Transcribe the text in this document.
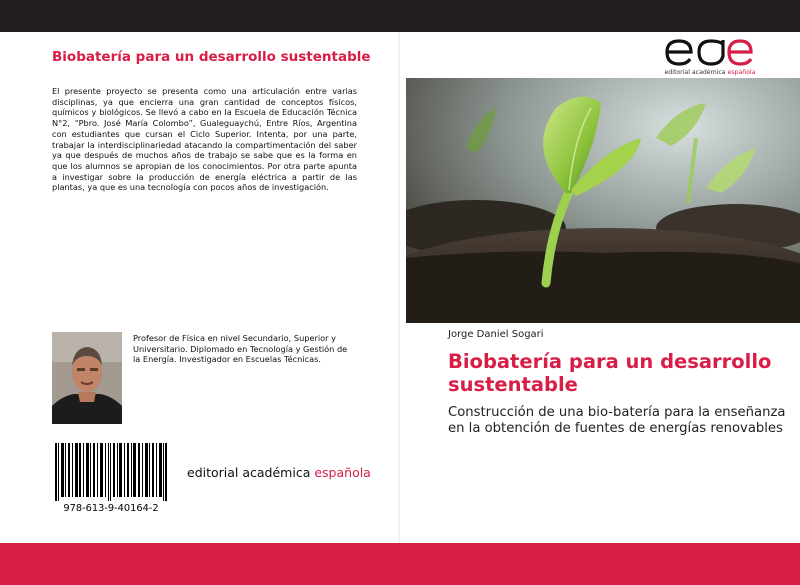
Biobatería para un desarrollo sustentable
El presente proyecto se presenta como una articulación entre varias disciplinas, ya que encierra una gran cantidad de conceptos físicos, químicos y biológicos. Se llevó a cabo en la Escuela de Educación Técnica N°2, “Pbro. José María Colombo”, Gualeguaychú, Entre Ríos, Argentina con estudiantes que cursan el Ciclo Superior. Intenta, por una parte, trabajar la interdisciplinariedad atacando la compartimentación del saber ya que después de muchos años de trabajo se sabe que es la forma en que los alumnos se apropian de los conocimientos. Por otra parte apunta a investigar sobre la producción de energía eléctrica a partir de las plantas, ya que es una tecnología con pocos años de investigación.
Profesor de Física en nivel Secundario, Superior y Universitario. Diplomado en Tecnología y Gestión de la Energía. Investigador en Escuelas Técnicas.
978-613-9-40164-2
editorial académica española
editorial académica española
Jorge Daniel Sogari
Biobatería para un desarrollo sustentable
Construcción de una bio-batería para la enseñanza en la obtención de fuentes de energías renovables
